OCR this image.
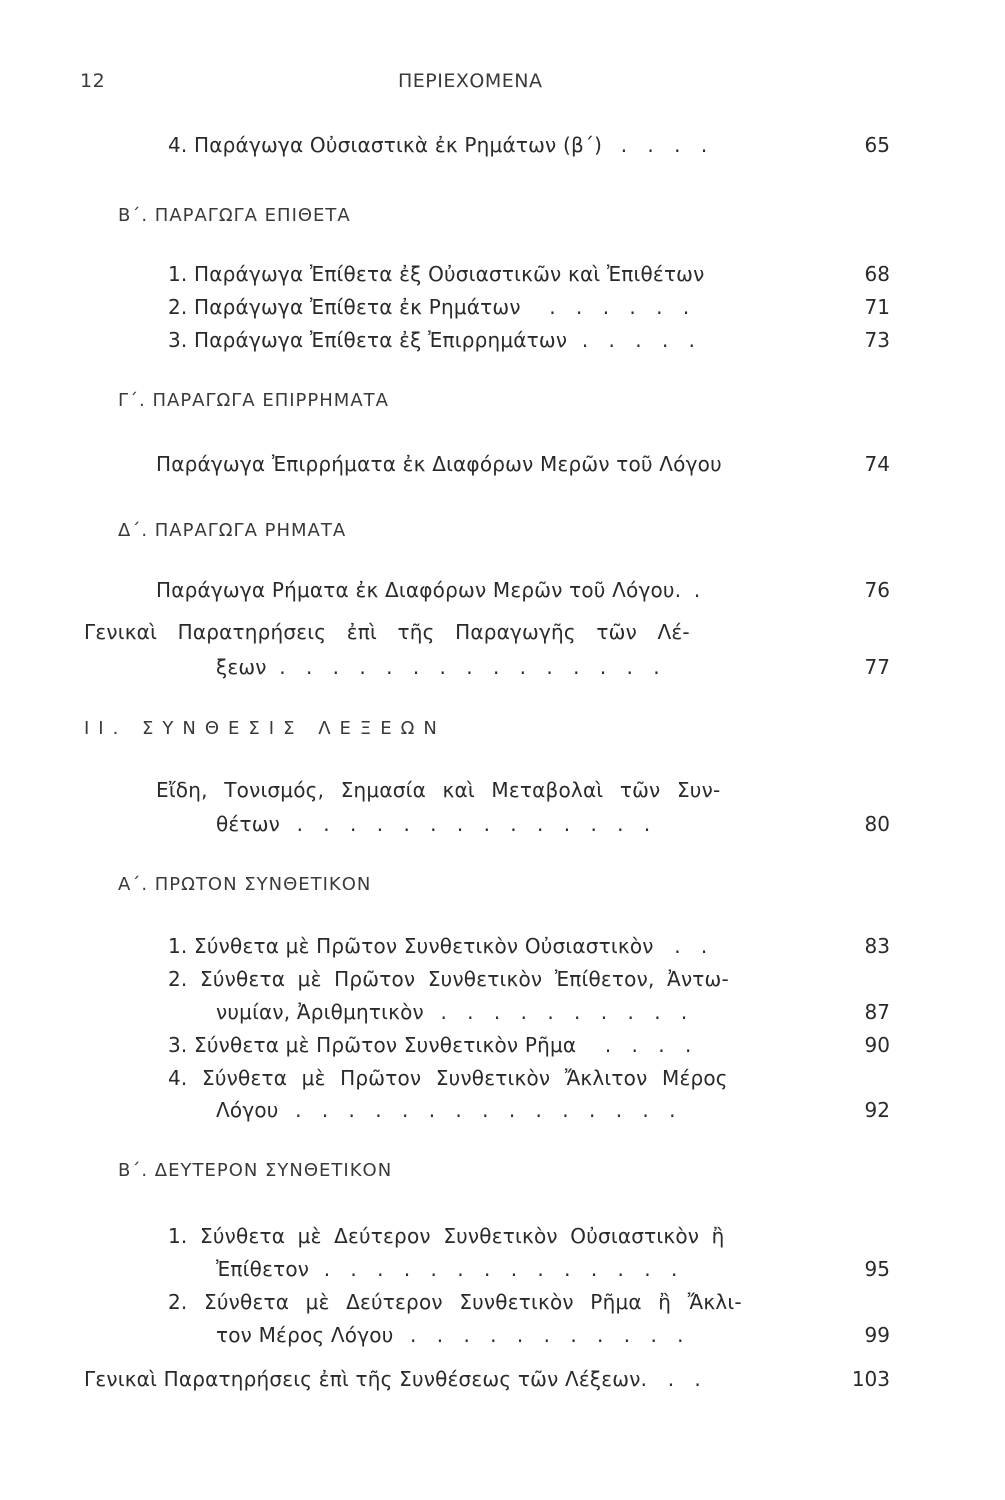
12	ΠΕΡΙΕΧΟΜΕΝΑ
4. Παράγωγα Οὐσιαστικὰ ἐκ Ρημάτων (β΄) . . . .	65
Β΄. ΠΑΡΑΓΩΓΑ ΕΠΙΘΕΤΑ
1. Παράγωγα Ἐπίθετα ἐξ Οὐσιαστικῶν καὶ Ἐπιθέτων	68
2. Παράγωγα Ἐπίθετα ἐκ Ρημάτων . . . . . .	71
3. Παράγωγα Ἐπίθετα ἐξ Ἐπιρρημάτων . . . . .	73
Γ΄. ΠΑΡΑΓΩΓΑ ΕΠΙΡΡΗΜΑΤΑ
Παράγωγα Ἐπιρρήματα ἐκ Διαφόρων Μερῶν τοῦ Λόγου	74
Δ΄. ΠΑΡΑΓΩΓΑ ΡΗΜΑΤΑ
Παράγωγα Ρήματα ἐκ Διαφόρων Μερῶν τοῦ Λόγου. .	76
Γενικαὶ Παρατηρήσεις ἐπὶ τῆς Παραγωγῆς τῶν Λέ-
ξεων . . . . . . . . . . . . . . .	77
ΙΙ. ΣΥΝΘΕΣΙΣ ΛΕΞΕΩΝ
Εἴδη, Τονισμός, Σημασία καὶ Μεταβολαὶ τῶν Συν-
θέτων . . . . . . . . . . . . . .	80
Α΄. ΠΡΩΤΟΝ ΣΥΝΘΕΤΙΚΟΝ
1. Σύνθετα μὲ Πρῶτον Συνθετικὸν Οὐσιαστικὸν . .	83
2. Σύνθετα μὲ Πρῶτον Συνθετικὸν Ἐπίθετον, Ἀντω-
νυμίαν, Ἀριθμητικὸν . . . . . . . . . .	87
3. Σύνθετα μὲ Πρῶτον Συνθετικὸν Ρῆμα . . . .	90
4. Σύνθετα μὲ Πρῶτον Συνθετικὸν Ἄκλιτον Μέρος
Λόγου . . . . . . . . . . . . . . .	92
Β΄. ΔΕΥΤΕΡΟΝ ΣΥΝΘΕΤΙΚΟΝ
1. Σύνθετα μὲ Δεύτερον Συνθετικὸν Οὐσιαστικὸν ἢ
Ἐπίθετον . . . . . . . . . . . . . .	95
2. Σύνθετα μὲ Δεύτερον Συνθετικὸν Ρῆμα ἢ Ἄκλι-
τον Μέρος Λόγου . . . . . . . . . . .	99
Γενικαὶ Παρατηρήσεις ἐπὶ τῆς Συνθέσεως τῶν Λέξεων. . .	103
